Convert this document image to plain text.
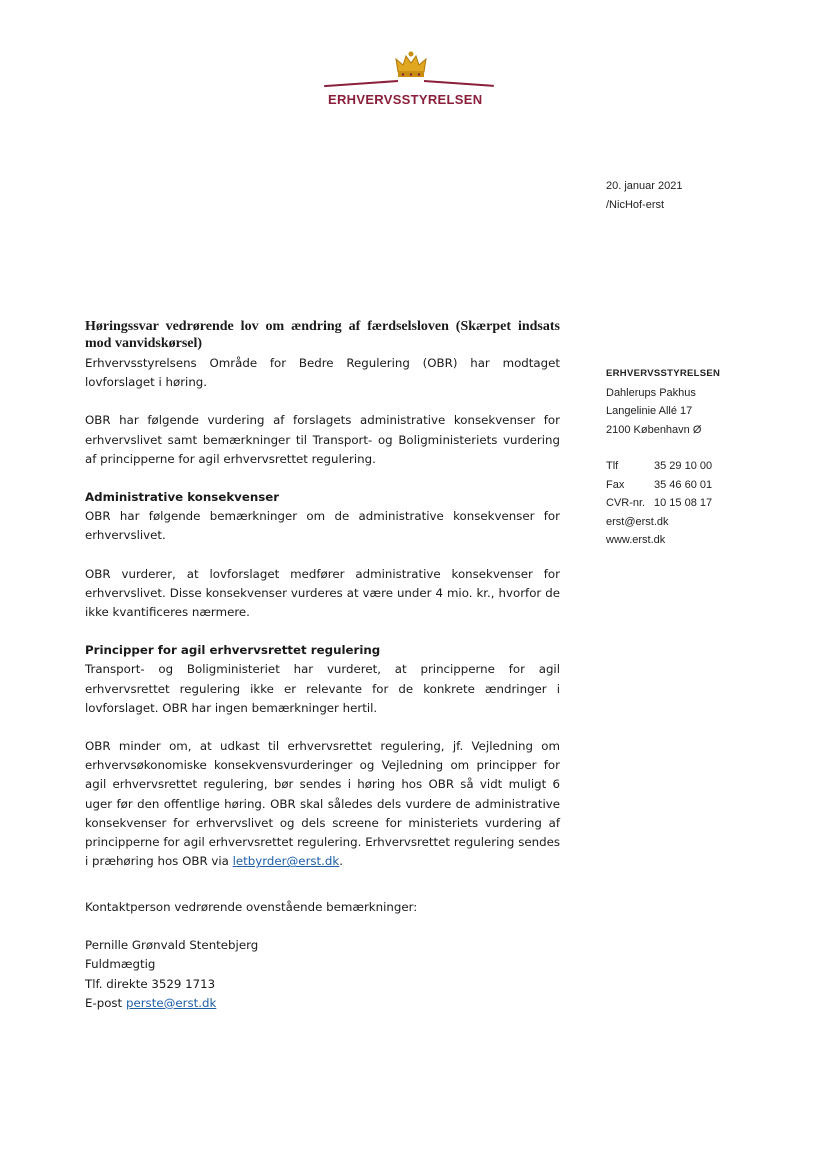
ERHVERVSSTYRELSEN
20. januar 2021
/NicHof-erst
ERHVERVSSTYRELSEN
Dahlerups Pakhus
Langelinie Allé 17
2100 København Ø
Tlf	35 29 10 00
Fax	35 46 60 01
CVR-nr. 10 15 08 17
erst@erst.dk
www.erst.dk

Høringssvar vedrørende lov om ændring af færdselsloven (Skærpet indsats mod vanvidskørsel)

Erhvervsstyrelsens Område for Bedre Regulering (OBR) har modtaget lovforslaget i høring.

OBR har følgende vurdering af forslagets administrative konsekvenser for erhvervslivet samt bemærkninger til Transport- og Boligministeriets vurdering af principperne for agil erhvervsrettet regulering.

Administrative konsekvenser

OBR har følgende bemærkninger om de administrative konsekvenser for erhvervslivet.

OBR vurderer, at lovforslaget medfører administrative konsekvenser for erhvervslivet. Disse konsekvenser vurderes at være under 4 mio. kr., hvorfor de ikke kvantificeres nærmere.

Principper for agil erhvervsrettet regulering

Transport- og Boligministeriet har vurderet, at principperne for agil erhvervsrettet regulering ikke er relevante for de konkrete ændringer i lovforslaget. OBR har ingen bemærkninger hertil.

OBR minder om, at udkast til erhvervsrettet regulering, jf. Vejledning om erhvervsøkonomiske konsekvensvurderinger og Vejledning om principper for agil erhvervsrettet regulering, bør sendes i høring hos OBR så vidt muligt 6 uger før den offentlige høring. OBR skal således dels vurdere de administrative konsekvenser for erhvervslivet og dels screene for ministeriets vurdering af principperne for agil erhvervsrettet regulering. Erhvervsrettet regulering sendes i præhøring hos OBR via letbyrder@erst.dk.

Kontaktperson vedrørende ovenstående bemærkninger:
Pernille Grønvald Stentebjerg
Fuldmægtig
Tlf. direkte 3529 1713
E-post perste@erst.dk
